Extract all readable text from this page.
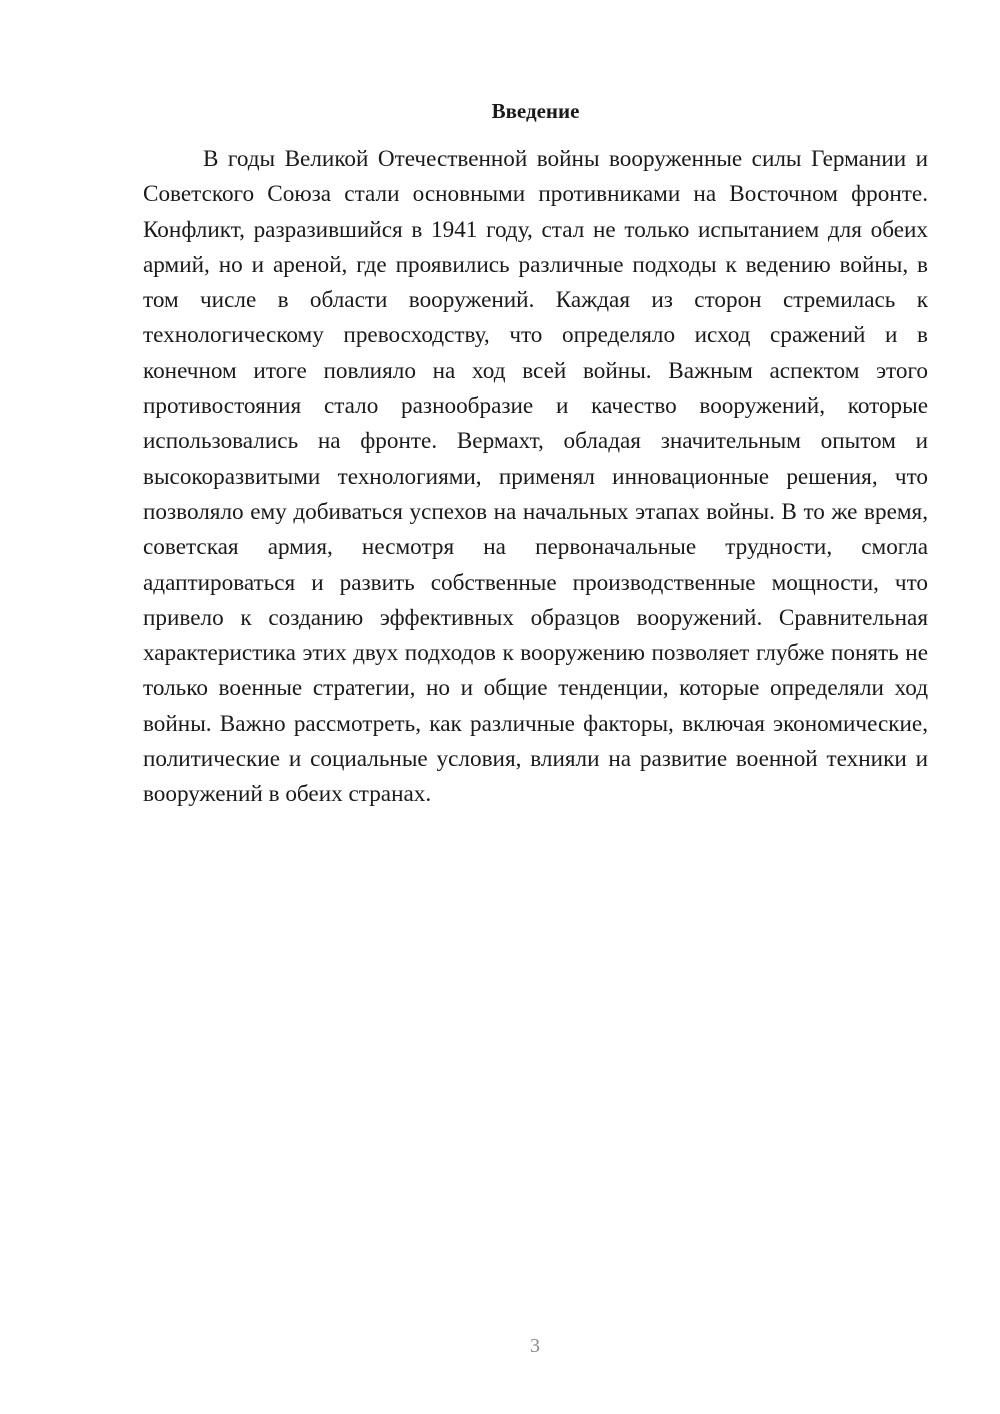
Введение

В годы Великой Отечественной войны вооруженные силы Германии и Советского Союза стали основными противниками на Восточном фронте. Конфликт, разразившийся в 1941 году, стал не только испытанием для обеих армий, но и ареной, где проявились различные подходы к ведению войны, в том числе в области вооружений. Каждая из сторон стремилась к технологическому превосходству, что определяло исход сражений и в конечном итоге повлияло на ход всей войны. Важным аспектом этого противостояния стало разнообразие и качество вооружений, которые использовались на фронте. Вермахт, обладая значительным опытом и высокоразвитыми технологиями, применял инновационные решения, что позволяло ему добиваться успехов на начальных этапах войны. В то же время, советская армия, несмотря на первоначальные трудности, смогла адаптироваться и развить собственные производственные мощности, что привело к созданию эффективных образцов вооружений. Сравнительная характеристика этих двух подходов к вооружению позволяет глубже понять не только военные стратегии, но и общие тенденции, которые определяли ход войны. Важно рассмотреть, как различные факторы, включая экономические, политические и социальные условия, влияли на развитие военной техники и вооружений в обеих странах.

3
